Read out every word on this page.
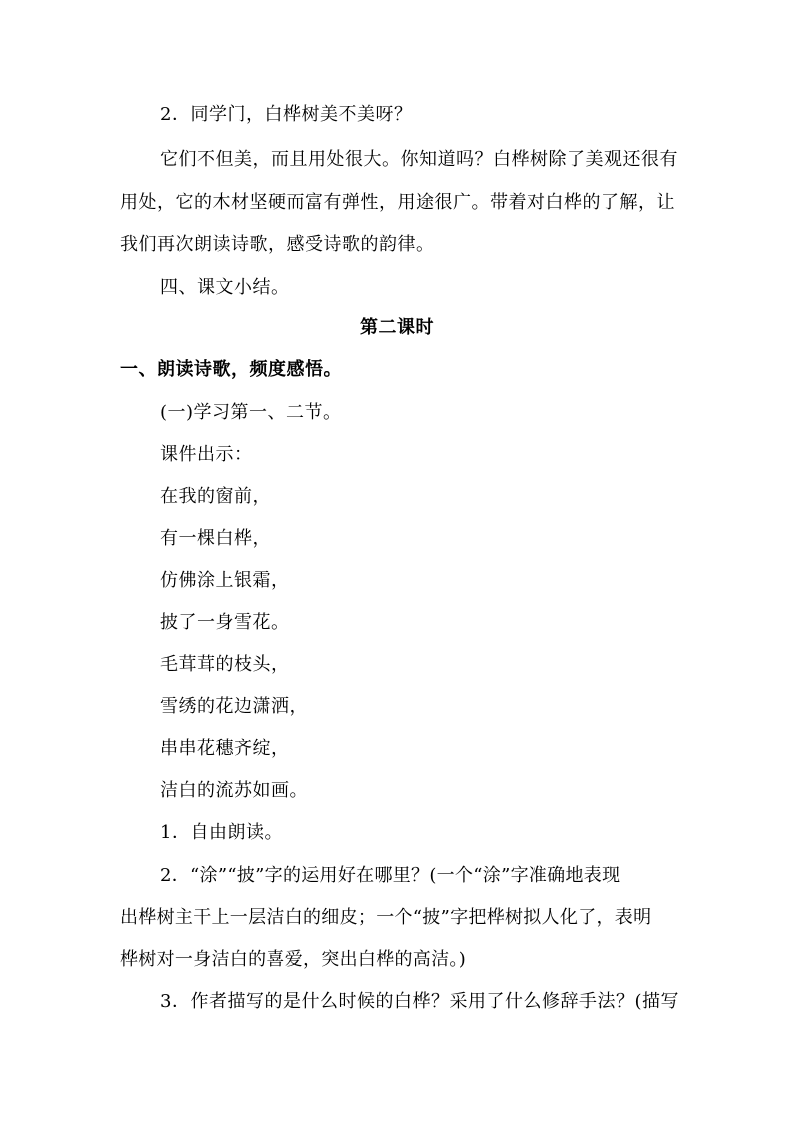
2．同学门，白桦树美不美呀？
它们不但美，而且用处很大。你知道吗？白桦树除了美观还很有
用处，它的木材坚硬而富有弹性，用途很广。带着对白桦的了解，让
我们再次朗读诗歌，感受诗歌的韵律。
四、课文小结。
第二课时
一、朗读诗歌，频度感悟。
(一)学习第一、二节。
课件出示：
在我的窗前，
有一棵白桦，
仿佛涂上银霜，
披了一身雪花。
毛茸茸的枝头，
雪绣的花边潇洒，
串串花穗齐绽，
洁白的流苏如画。
1．自由朗读。
2．“涂”“披”字的运用好在哪里？(一个“涂”字准确地表现
出桦树主干上一层洁白的细皮；一个“披”字把桦树拟人化了，表明
桦树对一身洁白的喜爱，突出白桦的高洁。)
3．作者描写的是什么时候的白桦？采用了什么修辞手法？(描写
